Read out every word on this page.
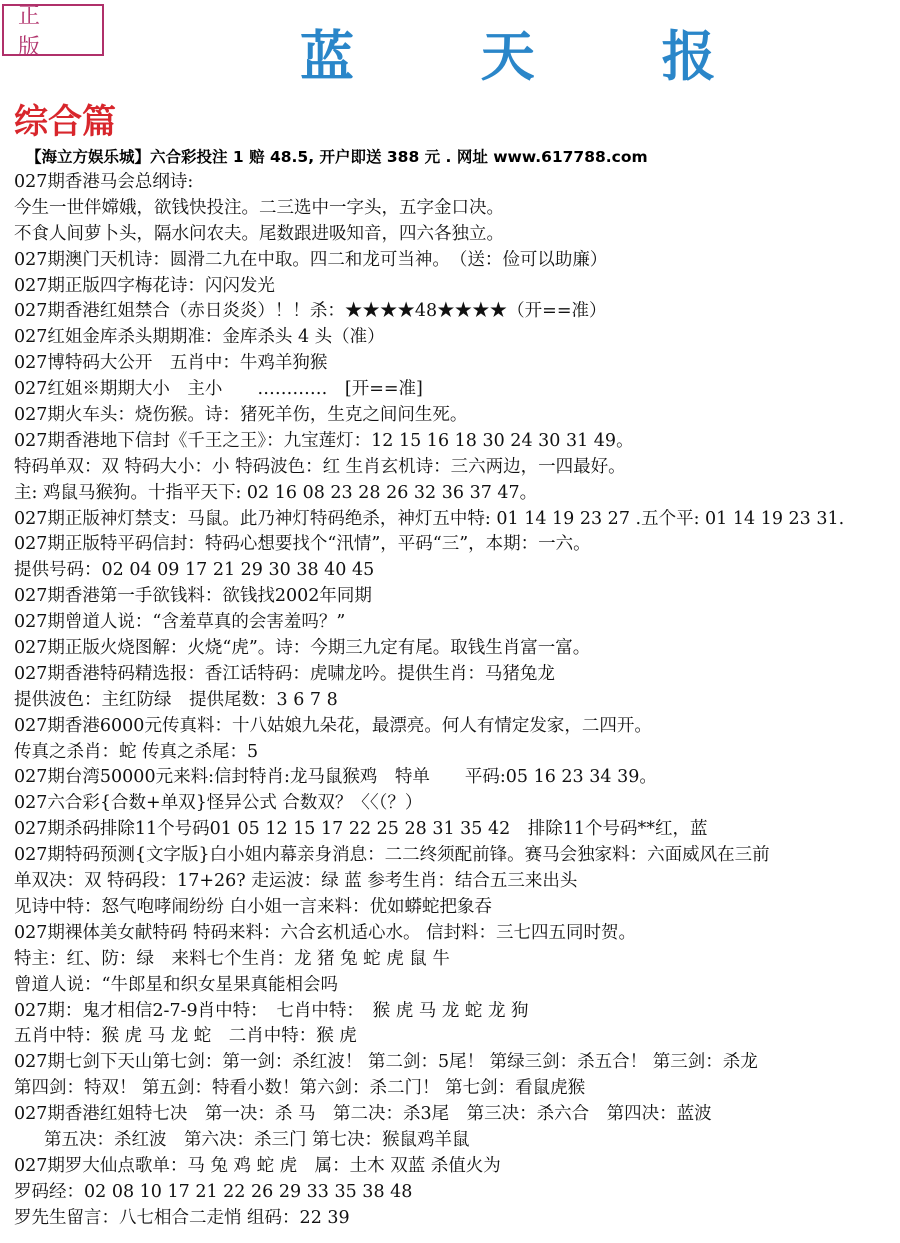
正 版	蓝 天 报
综合篇
【海立方娱乐城】六合彩投注 1 赔 48.5, 开户即送 388 元 . 网址 www.617788.com
027期香港马会总纲诗:
今生一世伴嫦娥，欲钱快投注。二三选中一字头，五字金口决。
不食人间萝卜头，隔水问农夫。尾数跟进吸知音，四六各独立。
027期澳门天机诗：圆滑二九在中取。四二和龙可当神。　（送：俭可以助廉）
027期正版四字梅花诗：闪闪发光
027期香港红姐禁合（赤日炎炎）！！杀：★★★★48★★★★（开==准）
027红姐金库杀头期期准：金库杀头 4 头（准）
027博特码大公开　五肖中：牛鸡羊狗猴
027红姐※期期大小　主小　　…………　[开==准]
027期火车头：烧伤猴。诗：猪死羊伤，生克之间问生死。
027期香港地下信封《千王之王》：九宝莲灯：12 15 16 18 30 24 30 31 49。
特码单双：双 特码大小：小 特码波色：红 生肖玄机诗：三六两边，一四最好。
主: 鸡鼠马猴狗。十指平天下: 02 16 08 23 28 26 32 36 37 47。
027期正版神灯禁支：马鼠。此乃神灯特码绝杀，神灯五中特: 01 14 19 23 27 .五个平: 01 14 19 23 31.
027期正版特平码信封：特码心想要找个“汛情”，平码“三”，本期：一六。
提供号码：02 04 09 17 21 29 30 38 40 45
027期香港第一手欲钱料：欲钱找2002年同期
027期曾道人说：“含羞草真的会害羞吗？”
027期正版火烧图解：火烧“虎”。诗：今期三九定有尾。取钱生肖富一富。
027期香港特码精选报：香江话特码：虎啸龙吟。提供生肖：马猪兔龙
提供波色：主红防绿　提供尾数：3 6 7 8
027期香港6000元传真料：十八姑娘九朵花，最漂亮。何人有情定发家，二四开。
传真之杀肖：蛇 传真之杀尾：5
027期台湾50000元来料:信封特肖:龙马鼠猴鸡　特单　　平码:05 16 23 34 39。
027六合彩{合数+单双}怪异公式 合数双？〈〈（？）
027期杀码排除11个号码01 05 12 15 17 22 25 28 31 35 42　排除11个号码**红，蓝
027期特码预测{文字版}白小姐内幕亲身消息：二二终须配前锋。赛马会独家料：六面威风在三前
单双决：双 特码段：17+26? 走运波：绿 蓝 参考生肖：结合五三来出头
见诗中特：怒气咆哮闹纷纷 白小姐一言来料：优如蟒蛇把象吞
027期裸体美女献特码 特码来料：六合玄机适心水。 信封料：三七四五同时贺。
特主：红、防：绿　来料七个生肖：龙 猪 兔 蛇 虎 鼠 牛
曾道人说：“牛郎星和织女星果真能相会吗
027期：鬼才相信2-7-9肖中特：　七肖中特：　猴 虎 马 龙 蛇 龙 狗
五肖中特：猴 虎 马 龙 蛇　二肖中特：猴 虎
027期七剑下天山第七剑：第一剑：杀红波！ 第二剑：5尾！ 第绿三剑：杀五合！ 第三剑：杀龙
第四剑：特双！ 第五剑：特看小数！第六剑：杀二门！ 第七剑：看鼠虎猴
027期香港红姐特七决　第一决：杀 马　第二决：杀3尾　第三决：杀六合　第四决：蓝波
第五决：杀红波　第六决：杀三门 第七决：猴鼠鸡羊鼠
027期罗大仙点歌单：马 兔 鸡 蛇 虎　属：土木 双蓝 杀值火为
罗码经：02 08 10 17 21 22 26 29 33 35 38 48
罗先生留言：八七相合二走悄 组码：22 39
